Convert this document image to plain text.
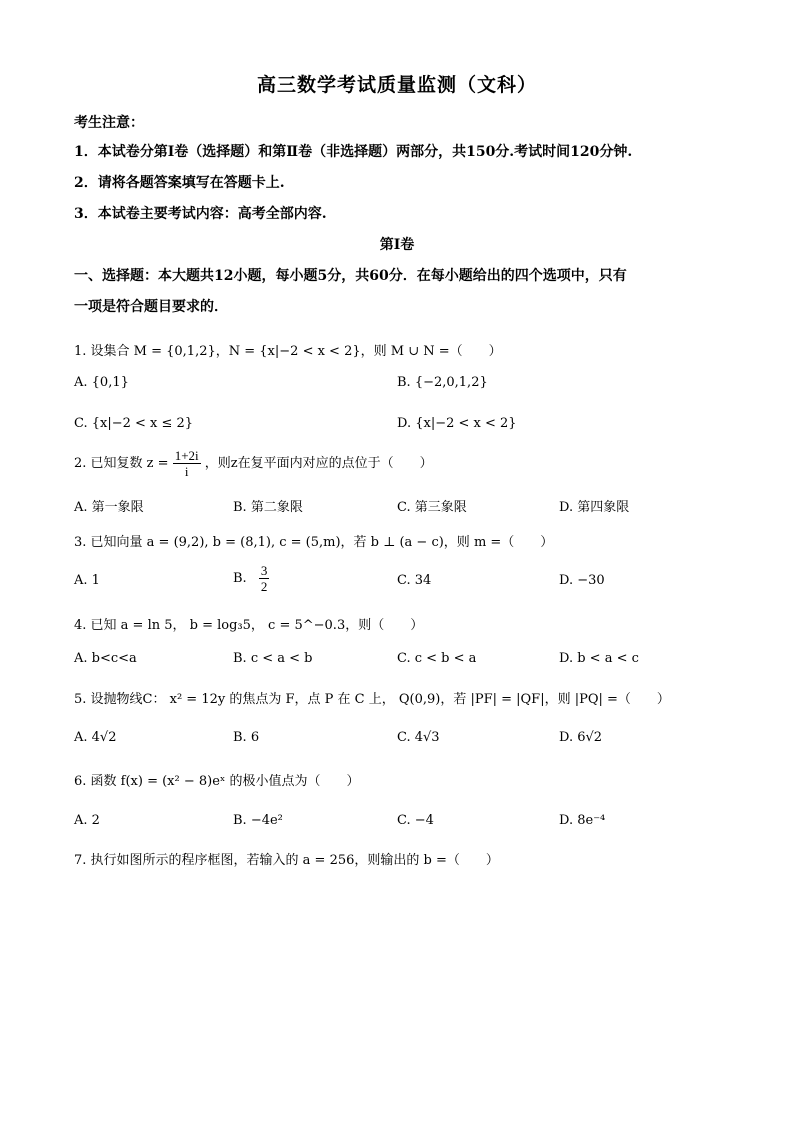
高三数学考试质量监测（文科）
考生注意：
1．本试卷分第Ⅰ卷（选择题）和第Ⅱ卷（非选择题）两部分，共150分.考试时间120分钟.
2．请将各题答案填写在答题卡上.
3．本试卷主要考试内容：高考全部内容.
第Ⅰ卷
一、选择题：本大题共12小题，每小题5分，共60分．在每小题给出的四个选项中，只有
一项是符合题目要求的．
1. 设集合 M = {0,1,2}，N = {x|−2 < x < 2}，则 M ∪ N =（　　）
A. {0,1}	B. {−2,0,1,2}
C. {x|−2 < x ≤ 2}	D. {x|−2 < x < 2}
2. 已知复数 $z = \frac{1+2i}{i}$ ，则z在复平面内对应的点位于（　　）
A. 第一象限	B. 第二象限	C. 第三象限	D. 第四象限
3. 已知向量 a = (9,2), b = (8,1), c = (5,m)，若 b ⊥ (a − c)，则 m =（　　）
A. 1	B. $\frac{3}{2}$	C. 34	D. −30
4. 已知 a = ln 5， b = log₃5， c = 5^−0.3，则（　　）
A. b<c<a	B. c < a < b	C. c < b < a	D. b < a < c
5. 设抛物线C： x² = 12y 的焦点为 F，点 P 在 C 上， Q(0,9)，若 |PF| = |QF|，则 |PQ| =（　　）
A. 4√2	B. 6	C. 4√3	D. 6√2
6. 函数 f(x) = (x² − 8)eˣ 的极小值点为（　　）
A. 2	B. −4e²	C. −4	D. 8e⁻⁴
7. 执行如图所示的程序框图，若输入的 a = 256，则输出的 b =（　　）
